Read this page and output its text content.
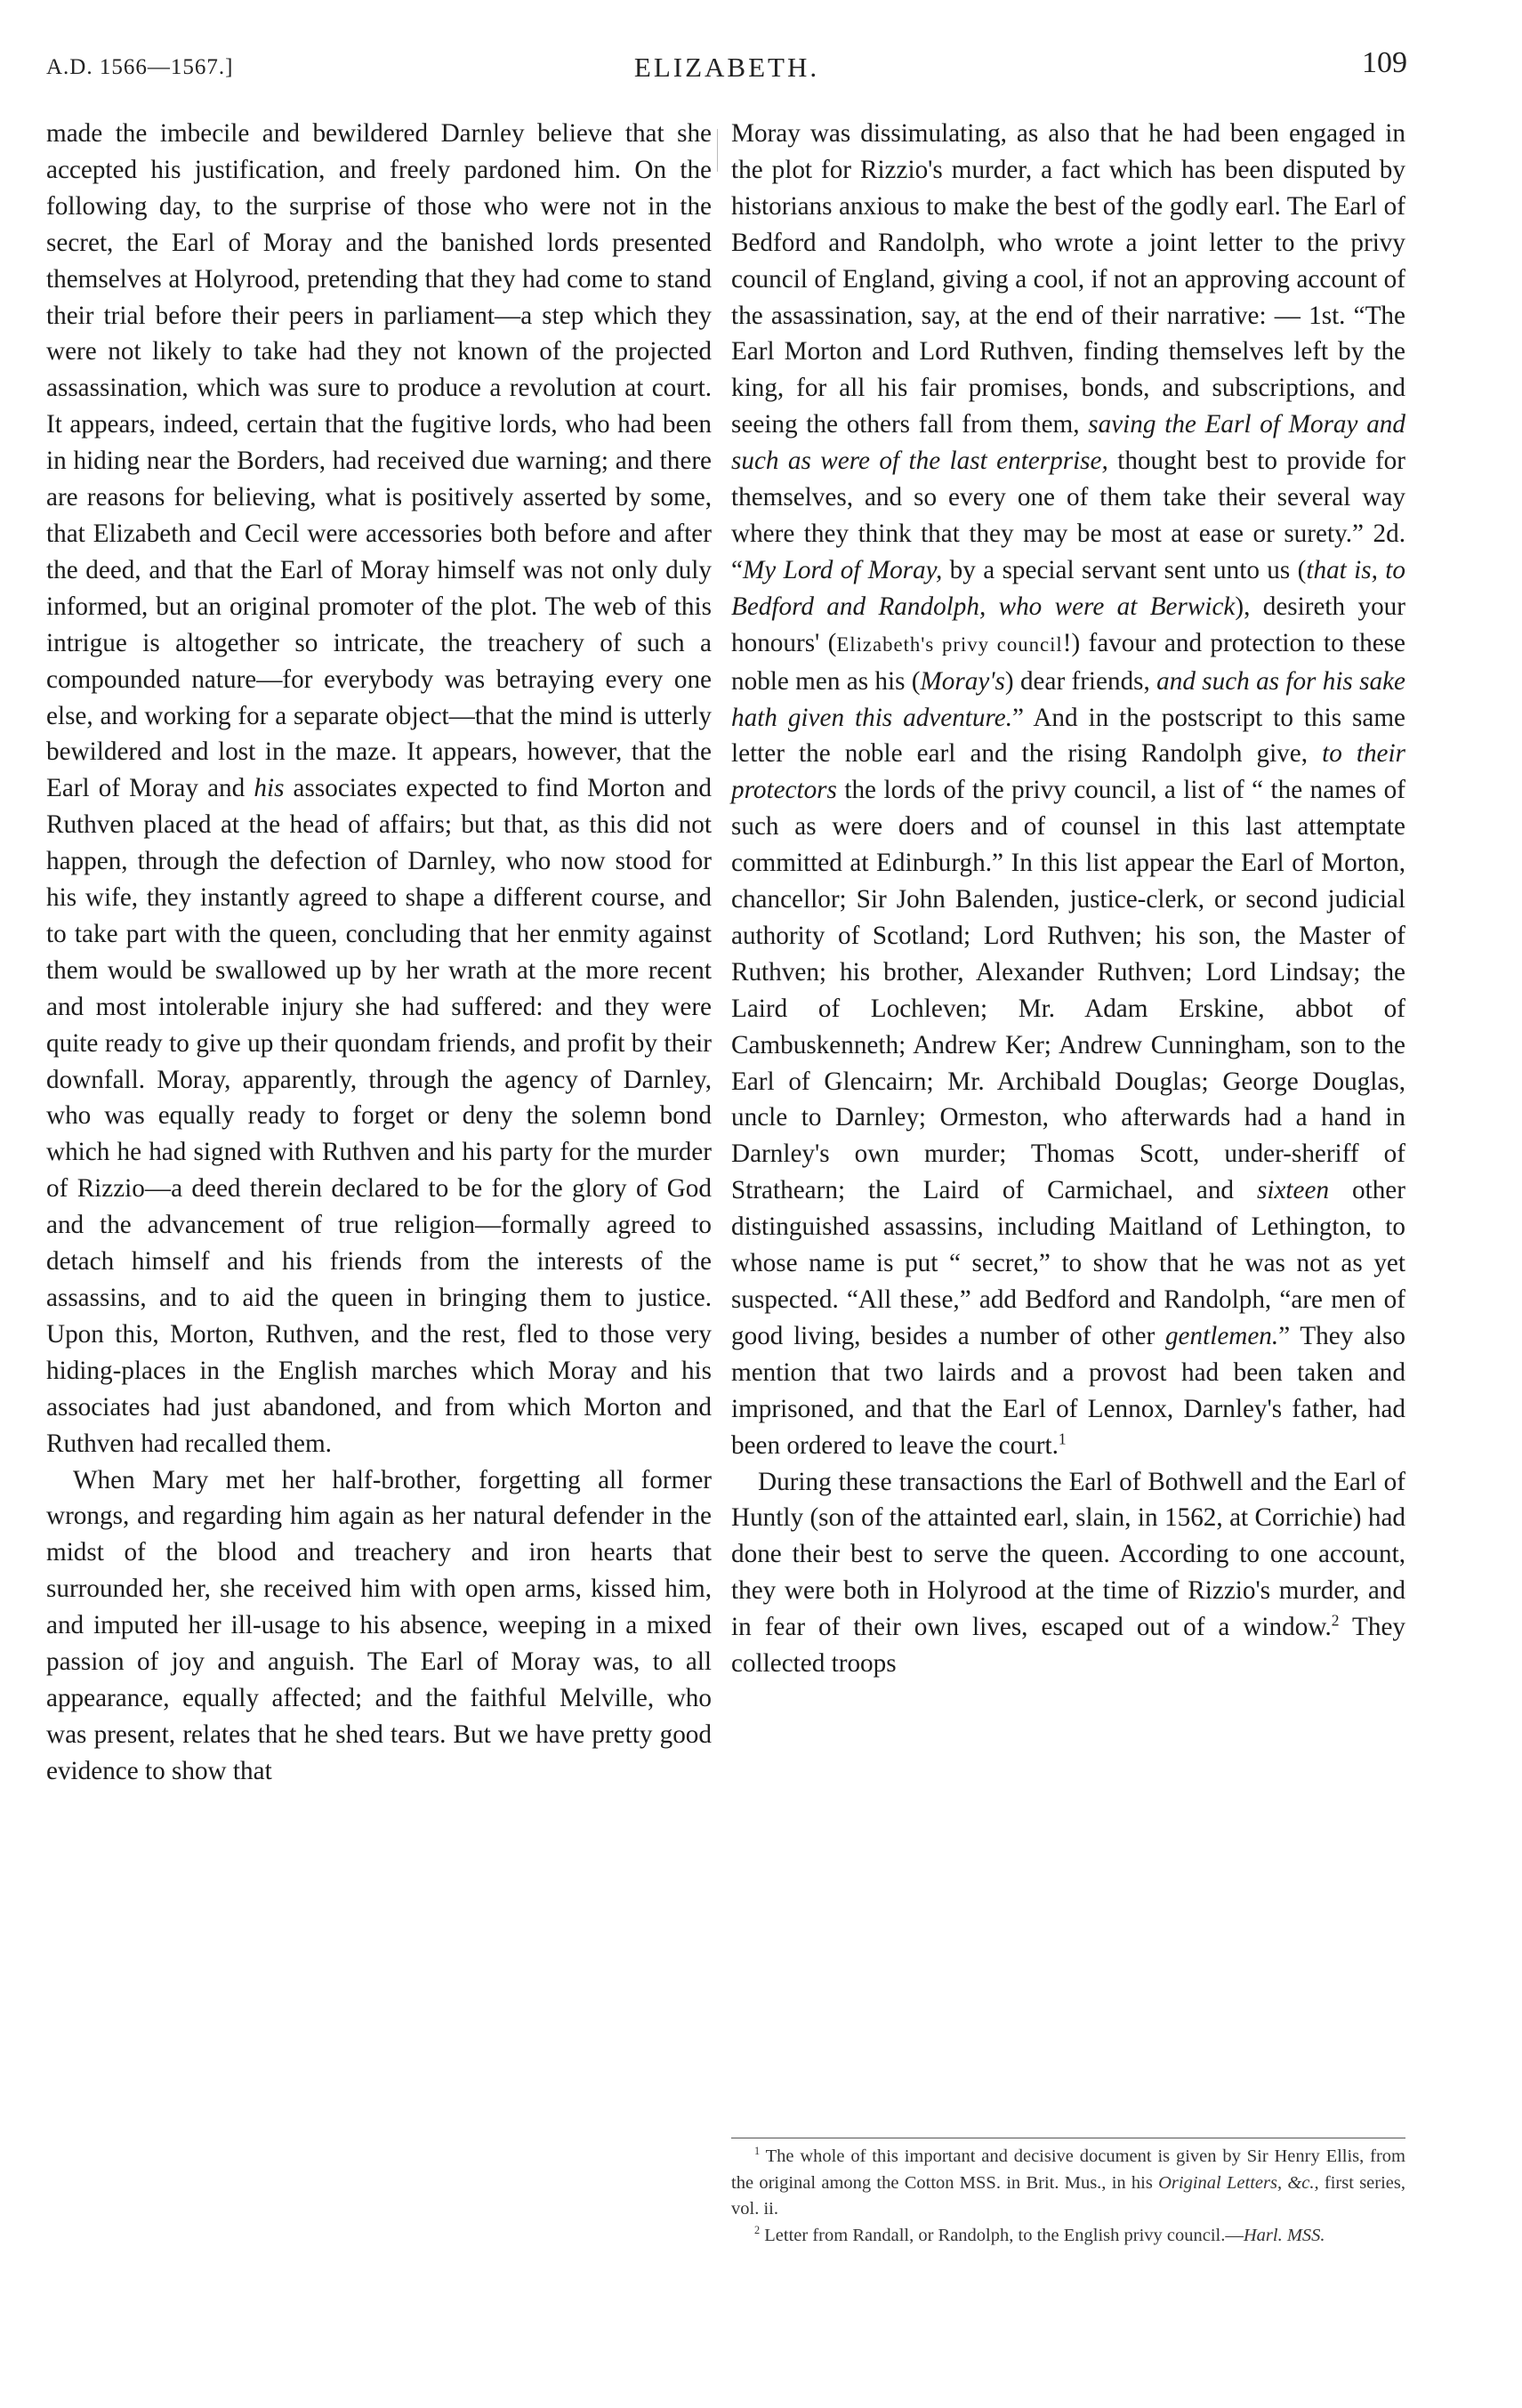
A.D. 1566—1567.]	ELIZABETH.	109

made the imbecile and bewildered Darnley believe that she accepted his justification, and freely pardoned him. On the following day, to the surprise of those who were not in the secret, the Earl of Moray and the banished lords presented themselves at Holyrood, pretending that they had come to stand their trial before their peers in parliament—a step which they were not likely to take had they not known of the projected assassination, which was sure to produce a revolution at court. It appears, indeed, certain that the fugitive lords, who had been in hiding near the Borders, had received due warning; and there are reasons for believing, what is positively asserted by some, that Elizabeth and Cecil were accessories both before and after the deed, and that the Earl of Moray himself was not only duly informed, but an original promoter of the plot. The web of this intrigue is altogether so intricate, the treachery of such a compounded nature—for everybody was betraying every one else, and working for a separate object—that the mind is utterly bewildered and lost in the maze. It appears, however, that the Earl of Moray and his associates expected to find Morton and Ruthven placed at the head of affairs; but that, as this did not happen, through the defection of Darnley, who now stood for his wife, they instantly agreed to shape a different course, and to take part with the queen, concluding that her enmity against them would be swallowed up by her wrath at the more recent and most intolerable injury she had suffered: and they were quite ready to give up their quondam friends, and profit by their downfall. Moray, apparently, through the agency of Darnley, who was equally ready to forget or deny the solemn bond which he had signed with Ruthven and his party for the murder of Rizzio—a deed therein declared to be for the glory of God and the advancement of true religion—formally agreed to detach himself and his friends from the interests of the assassins, and to aid the queen in bringing them to justice. Upon this, Morton, Ruthven, and the rest, fled to those very hiding-places in the English marches which Moray and his associates had just abandoned, and from which Morton and Ruthven had recalled them.

When Mary met her half-brother, forgetting all former wrongs, and regarding him again as her natural defender in the midst of the blood and treachery and iron hearts that surrounded her, she received him with open arms, kissed him, and imputed her ill-usage to his absence, weeping in a mixed passion of joy and anguish. The Earl of Moray was, to all appearance, equally affected; and the faithful Melville, who was present, relates that he shed tears. But we have pretty good evidence to show that

Moray was dissimulating, as also that he had been engaged in the plot for Rizzio's murder, a fact which has been disputed by historians anxious to make the best of the godly earl. The Earl of Bedford and Randolph, who wrote a joint letter to the privy council of England, giving a cool, if not an approving account of the assassination, say, at the end of their narrative: — 1st. “The Earl Morton and Lord Ruthven, finding themselves left by the king, for all his fair promises, bonds, and subscriptions, and seeing the others fall from them, saving the Earl of Moray and such as were of the last enterprise, thought best to provide for themselves, and so every one of them take their several way where they think that they may be most at ease or surety.” 2d. “My Lord of Moray, by a special servant sent unto us (that is, to Bedford and Randolph, who were at Berwick), desireth your honours' (Elizabeth's privy council!) favour and protection to these noble men as his (Moray's) dear friends, and such as for his sake hath given this adventure.” And in the postscript to this same letter the noble earl and the rising Randolph give, to their protectors the lords of the privy council, a list of “ the names of such as were doers and of counsel in this last attemptate committed at Edinburgh.” In this list appear the Earl of Morton, chancellor; Sir John Balenden, justice-clerk, or second judicial authority of Scotland; Lord Ruthven; his son, the Master of Ruthven; his brother, Alexander Ruthven; Lord Lindsay; the Laird of Lochleven; Mr. Adam Erskine, abbot of Cambuskenneth; Andrew Ker; Andrew Cunningham, son to the Earl of Glencairn; Mr. Archibald Douglas; George Douglas, uncle to Darnley; Ormeston, who afterwards had a hand in Darnley's own murder; Thomas Scott, under-sheriff of Strathearn; the Laird of Carmichael, and sixteen other distinguished assassins, including Maitland of Lethington, to whose name is put “ secret,” to show that he was not as yet suspected. “All these,” add Bedford and Randolph, “are men of good living, besides a number of other gentlemen.” They also mention that two lairds and a provost had been taken and imprisoned, and that the Earl of Lennox, Darnley's father, had been ordered to leave the court.$^1$

During these transactions the Earl of Bothwell and the Earl of Huntly (son of the attainted earl, slain, in 1562, at Corrichie) had done their best to serve the queen. According to one account, they were both in Holyrood at the time of Rizzio's murder, and in fear of their own lives, escaped out of a window.$^2$ They collected troops

$^1$ The whole of this important and decisive document is given by Sir Henry Ellis, from the original among the Cotton MSS. in Brit. Mus., in his Original Letters, &c., first series, vol. ii.

$^2$ Letter from Randall, or Randolph, to the English privy council.—Harl. MSS.
